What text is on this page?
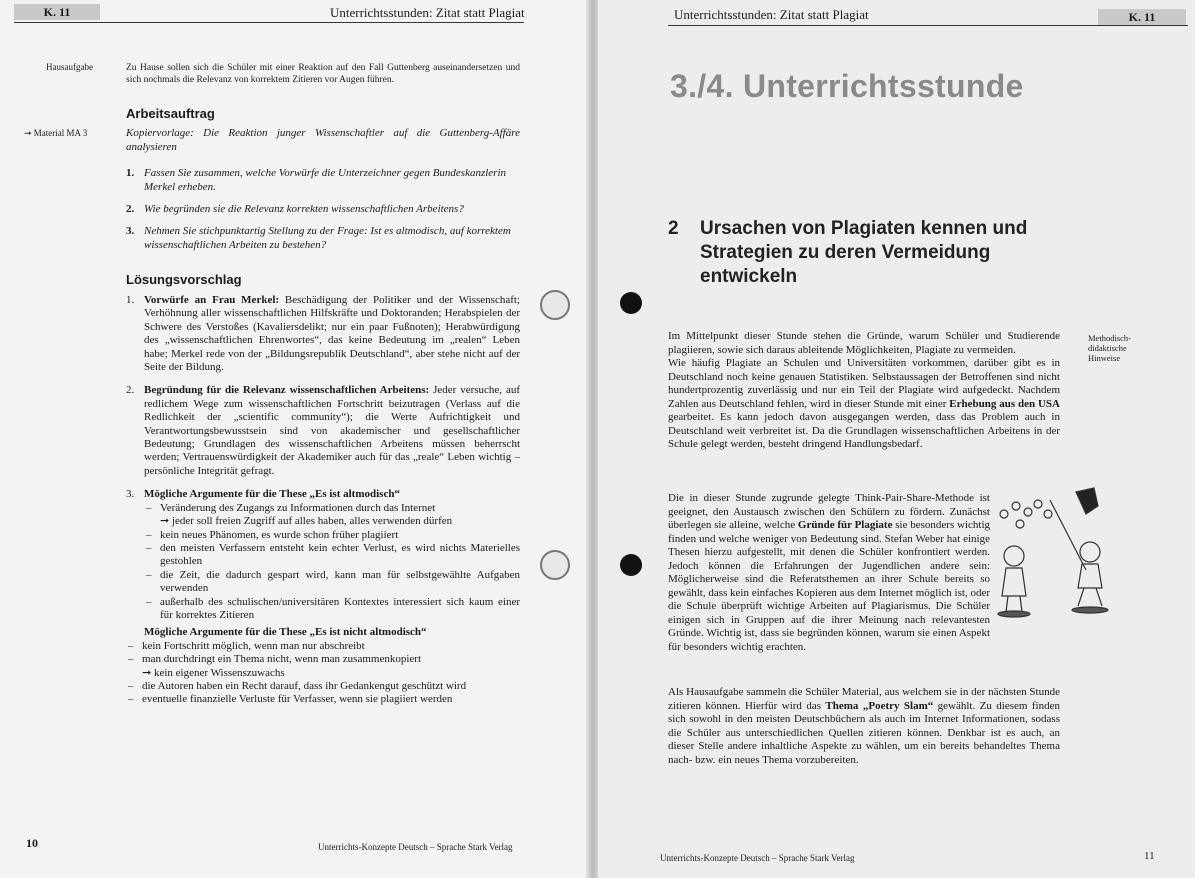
K. 11	Unterrichtsstunden: Zitat statt Plagiat
Hausaufgabe	Zu Hause sollen sich die Schüler mit einer Reaktion auf den Fall Guttenberg auseinandersetzen und sich nochmals die Relevanz von korrektem Zitieren vor Augen führen.
Arbeitsauftrag
➞ Material MA 3	Kopiervorlage: Die Reaktion junger Wissenschaftler auf die Guttenberg-Affäre analysieren
1. Fassen Sie zusammen, welche Vorwürfe die Unterzeichner gegen Bundeskanzlerin Merkel erheben.
2. Wie begründen sie die Relevanz korrekten wissenschaftlichen Arbeitens?
3. Nehmen Sie stichpunktartig Stellung zu der Frage: Ist es altmodisch, auf korrektem wissenschaftlichen Arbeiten zu bestehen?
Lösungsvorschlag
1. Vorwürfe an Frau Merkel: Beschädigung der Politiker und der Wissenschaft; Verhöhnung aller wissenschaftlichen Hilfskräfte und Doktoranden; Herabspielen der Schwere des Verstoßes (Kavaliersdelikt; nur ein paar Fußnoten); Herabwürdigung des „wissenschaftlichen Ehrenwortes“, das keine Bedeutung im „realen“ Leben habe; Merkel rede von der „Bildungsrepublik Deutschland“, aber stehe nicht auf der Seite der Bildung.
2. Begründung für die Relevanz wissenschaftlichen Arbeitens: Jeder versuche, auf redlichem Wege zum wissenschaftlichen Fortschritt beizutragen (Verlass auf die Redlichkeit der „scientific community“); die Werte Aufrichtigkeit und Verantwortungsbewusstsein sind von akademischer und gesellschaftlicher Bedeutung; Grundlagen des wissenschaftlichen Arbeitens müssen beherrscht werden; Vertrauenswürdigkeit der Akademiker auch für das „reale“ Leben wichtig – persönliche Integrität gefragt.
3. Mögliche Argumente für die These „Es ist altmodisch“
– Veränderung des Zugangs zu Informationen durch das Internet
➞ jeder soll freien Zugriff auf alles haben, alles verwenden dürfen
– kein neues Phänomen, es wurde schon früher plagiiert
– den meisten Verfassern entsteht kein echter Verlust, es wird nichts Materielles gestohlen
– die Zeit, die dadurch gespart wird, kann man für selbstgewählte Aufgaben verwenden
– außerhalb des schulischen/universitären Kontextes interessiert sich kaum einer für korrektes Zitieren
Mögliche Argumente für die These „Es ist nicht altmodisch“
– kein Fortschritt möglich, wenn man nur abschreibt
– man durchdringt ein Thema nicht, wenn man zusammenkopiert
➞ kein eigener Wissenszuwachs
– die Autoren haben ein Recht darauf, dass ihr Gedankengut geschützt wird
– eventuelle finanzielle Verluste für Verfasser, wenn sie plagiiert werden
10	Unterrichts-Konzepte Deutsch – Sprache Stark Verlag
Unterrichtsstunden: Zitat statt Plagiat	K. 11
3./4. Unterrichtsstunde
2 Ursachen von Plagiaten kennen und Strategien zu deren Vermeidung entwickeln
Methodisch-didaktische Hinweise

Im Mittelpunkt dieser Stunde stehen die Gründe, warum Schüler und Studierende plagiieren, sowie sich daraus ableitende Möglichkeiten, Plagiate zu vermeiden.

Wie häufig Plagiate an Schulen und Universitäten vorkommen, darüber gibt es in Deutschland noch keine genauen Statistiken. Selbstaussagen der Betroffenen sind nicht hundertprozentig zuverlässig und nur ein Teil der Plagiate wird aufgedeckt. Nachdem Zahlen aus Deutschland fehlen, wird in dieser Stunde mit einer Erhebung aus den USA gearbeitet. Es kann jedoch davon ausgegangen werden, dass das Problem auch in Deutschland weit verbreitet ist. Da die Grundlagen wissenschaftlichen Arbeitens in der Schule gelegt werden, besteht dringend Handlungsbedarf.

Die in dieser Stunde zugrunde gelegte Think-Pair-Share-Methode ist geeignet, den Austausch zwischen den Schülern zu fördern. Zunächst überlegen sie alleine, welche Gründe für Plagiate sie besonders wichtig finden und welche weniger von Bedeutung sind. Stefan Weber hat einige Thesen hierzu aufgestellt, mit denen die Schüler konfrontiert werden. Jedoch können die Erfahrungen der Jugendlichen andere sein: Möglicherweise sind die Referatsthemen an ihrer Schule bereits so gewählt, dass kein einfaches Kopieren aus dem Internet möglich ist, oder die Schule überprüft wichtige Arbeiten auf Plagiarismus. Die Schüler einigen sich in Gruppen auf die ihrer Meinung nach relevantesten Gründe. Wichtig ist, dass sie begründen können, warum sie einen Aspekt für besonders wichtig erachten.

Als Hausaufgabe sammeln die Schüler Material, aus welchem sie in der nächsten Stunde zitieren können. Hierfür wird das Thema „Poetry Slam“ gewählt. Zu diesem finden sich sowohl in den meisten Deutschbüchern als auch im Internet Informationen, sodass die Schüler aus unterschiedlichen Quellen zitieren können. Denkbar ist es auch, an dieser Stelle andere inhaltliche Aspekte zu wählen, um ein bereits behandeltes Thema nach- bzw. ein neues Thema vorzubereiten.

Unterrichts-Konzepte Deutsch – Sprache Stark Verlag	11
